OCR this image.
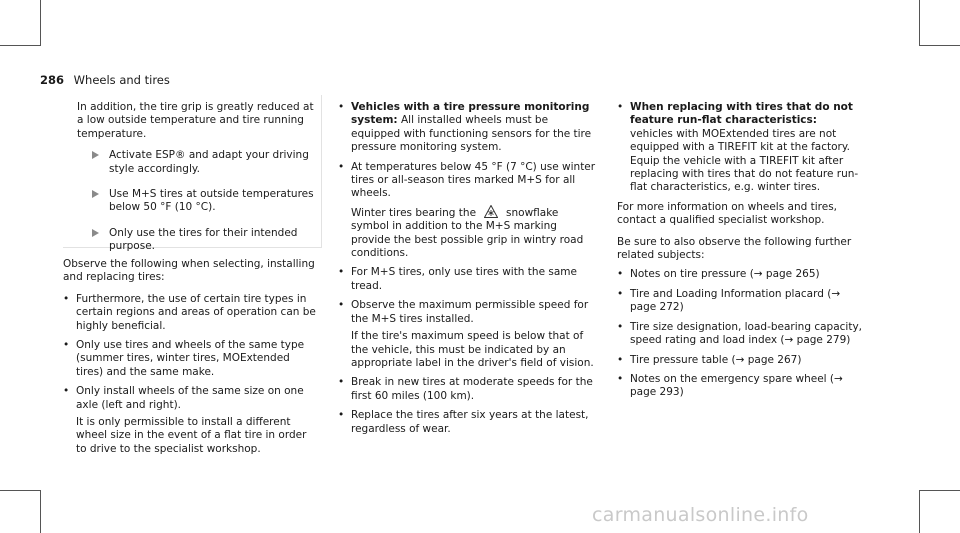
286 Wheels and tires

In addition, the tire grip is greatly reduced at a low outside temperature and tire running temperature.

Activate ESP® and adapt your driving style accordingly.
Use M+S tires at outside temperatures below 50 °F (10 °C).
Only use the tires for their intended purpose.

Observe the following when selecting, installing and replacing tires:

• Furthermore, the use of certain tire types in certain regions and areas of operation can be highly beneficial.
• Only use tires and wheels of the same type (summer tires, winter tires, MOExtended tires) and the same make.
• Only install wheels of the same size on one axle (left and right).
It is only permissible to install a different wheel size in the event of a flat tire in order to drive to the specialist workshop.
• Vehicles with a tire pressure monitoring system: All installed wheels must be equipped with functioning sensors for the tire pressure monitoring system.
• At temperatures below 45 °F (7 °C) use winter tires or all-season tires marked M+S for all wheels.
Winter tires bearing the	snowflake symbol in addition to the M+S marking provide the best possible grip in wintry road conditions.
• For M+S tires, only use tires with the same tread.
• Observe the maximum permissible speed for the M+S tires installed.
If the tire's maximum speed is below that of the vehicle, this must be indicated by an appropriate label in the driver's field of vision.
• Break in new tires at moderate speeds for the first 60 miles (100 km).
• Replace the tires after six years at the latest, regardless of wear.
• When replacing with tires that do not feature run-flat characteristics: vehicles with MOExtended tires are not equipped with a TIREFIT kit at the factory. Equip the vehicle with a TIREFIT kit after replacing with tires that do not feature run-flat characteristics, e.g. winter tires.

For more information on wheels and tires, contact a qualified specialist workshop.

Be sure to also observe the following further related subjects:

• Notes on tire pressure (→ page 265)
• Tire and Loading Information placard (→ page 272)
• Tire size designation, load-bearing capacity, speed rating and load index (→ page 279)
• Tire pressure table (→ page 267)
• Notes on the emergency spare wheel (→ page 293)
carmanualsonline.info
